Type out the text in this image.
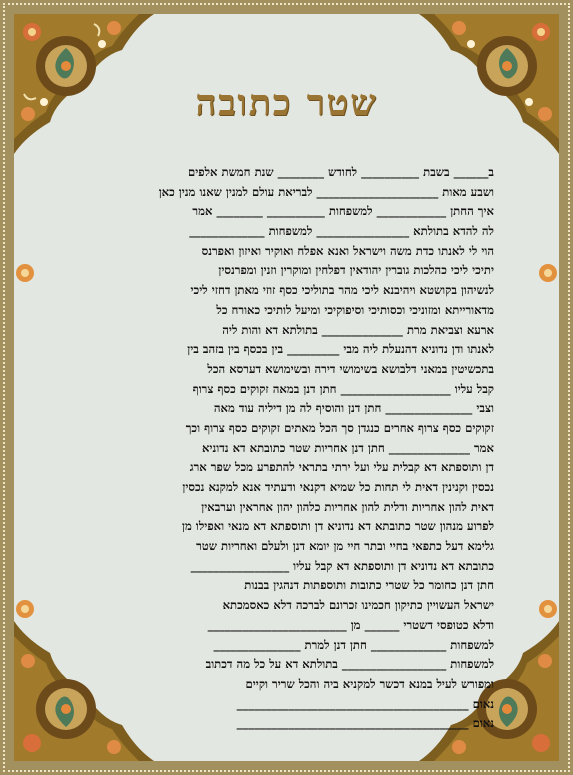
שטר כתובה
ב______ בשבת __________ לחודש ________ שנת חמשת אלפים
ושבע מאות _____________________ לבריאת עולם למנין שאנו מנין כאן
איך החתן ____________ למשפחות __________ ________ אמר
לה להדא בתולתא ________________ למשפחות _____________
הוי לי לאנתו כדת משה וישראל ואנא אפלח ואוקיר ואיזון ואפרנס
יתיכי ליכי כהלכות גוברין יהודאין דפלחין ומוקרין וזנין ומפרנסין
לנשיהון בקושטא ויהיבנא ליכי מהר בתוליכי כסף זוזי מאתן דחזי ליכי
מדאורייתא ומזוניכי וכסותיכי וסיפוקיכי ומיעל לותיכי כאורח כל
ארעא וצביאת מרת ______________ בתולתא דא והות ליה
לאנתו ודן נדוניא דהנעלת ליה מבי _________ בין בכסף בין בזהב בין
בתכשיטין במאני דלבושא בשימושי דירה ובשימושא דערסא הכל
קבל עליו ___________________ חתן דנן במאה זקוקים כסף צרוף
וצבי _______________ חתן דנן והוסיף לה מן דיליה עוד מאה
זקוקים כסף צרוף אחרים כנגדן סך הכל מאתים זקוקים כסף צרוף וכך
אמר ______________ חתן דנן אחריות שטר כתובתא דא נדוניא
דן ותוספתא דא קבלית עלי ועל ירתי בתראי להתפרע מכל שפר ארג
נכסין וקנינין דאית לי תחות כל שמיא דקנאי ודעתיד אנא למקנא נכסין
דאית להון אחריות ודלית להון אחריות כלהון יהון אחראין וערבאין
לפרוע מנהון שטר כתובתא דא נדוניא דן ותוספתא דא מנאי ואפילו מן
גלימא דעל כתפאי בחיי ובתר חיי מן יומא דנן ולעלם ואחריות שטר
כתובתא דא נדוניא דן ותוספתא דא קבל עליו _________________
חתן דנן כחומר כל שטרי כתובות ותוספתות דנהגין בבנות
ישראל העשויין כתיקון חכמינו זכרונם לברכה דלא כאסמכתא
ודלא כטופסי דשטרי ______ מן ________________________
למשפחות _____________ חתן דנן למרת _______________
למשפחות __________________ בתולתא דא על כל מה דכתוב
ומפורש לעיל במנא דכשר למקניא ביה והכל שריר וקיים
נאום ________________________________________
נאום ________________________________________
